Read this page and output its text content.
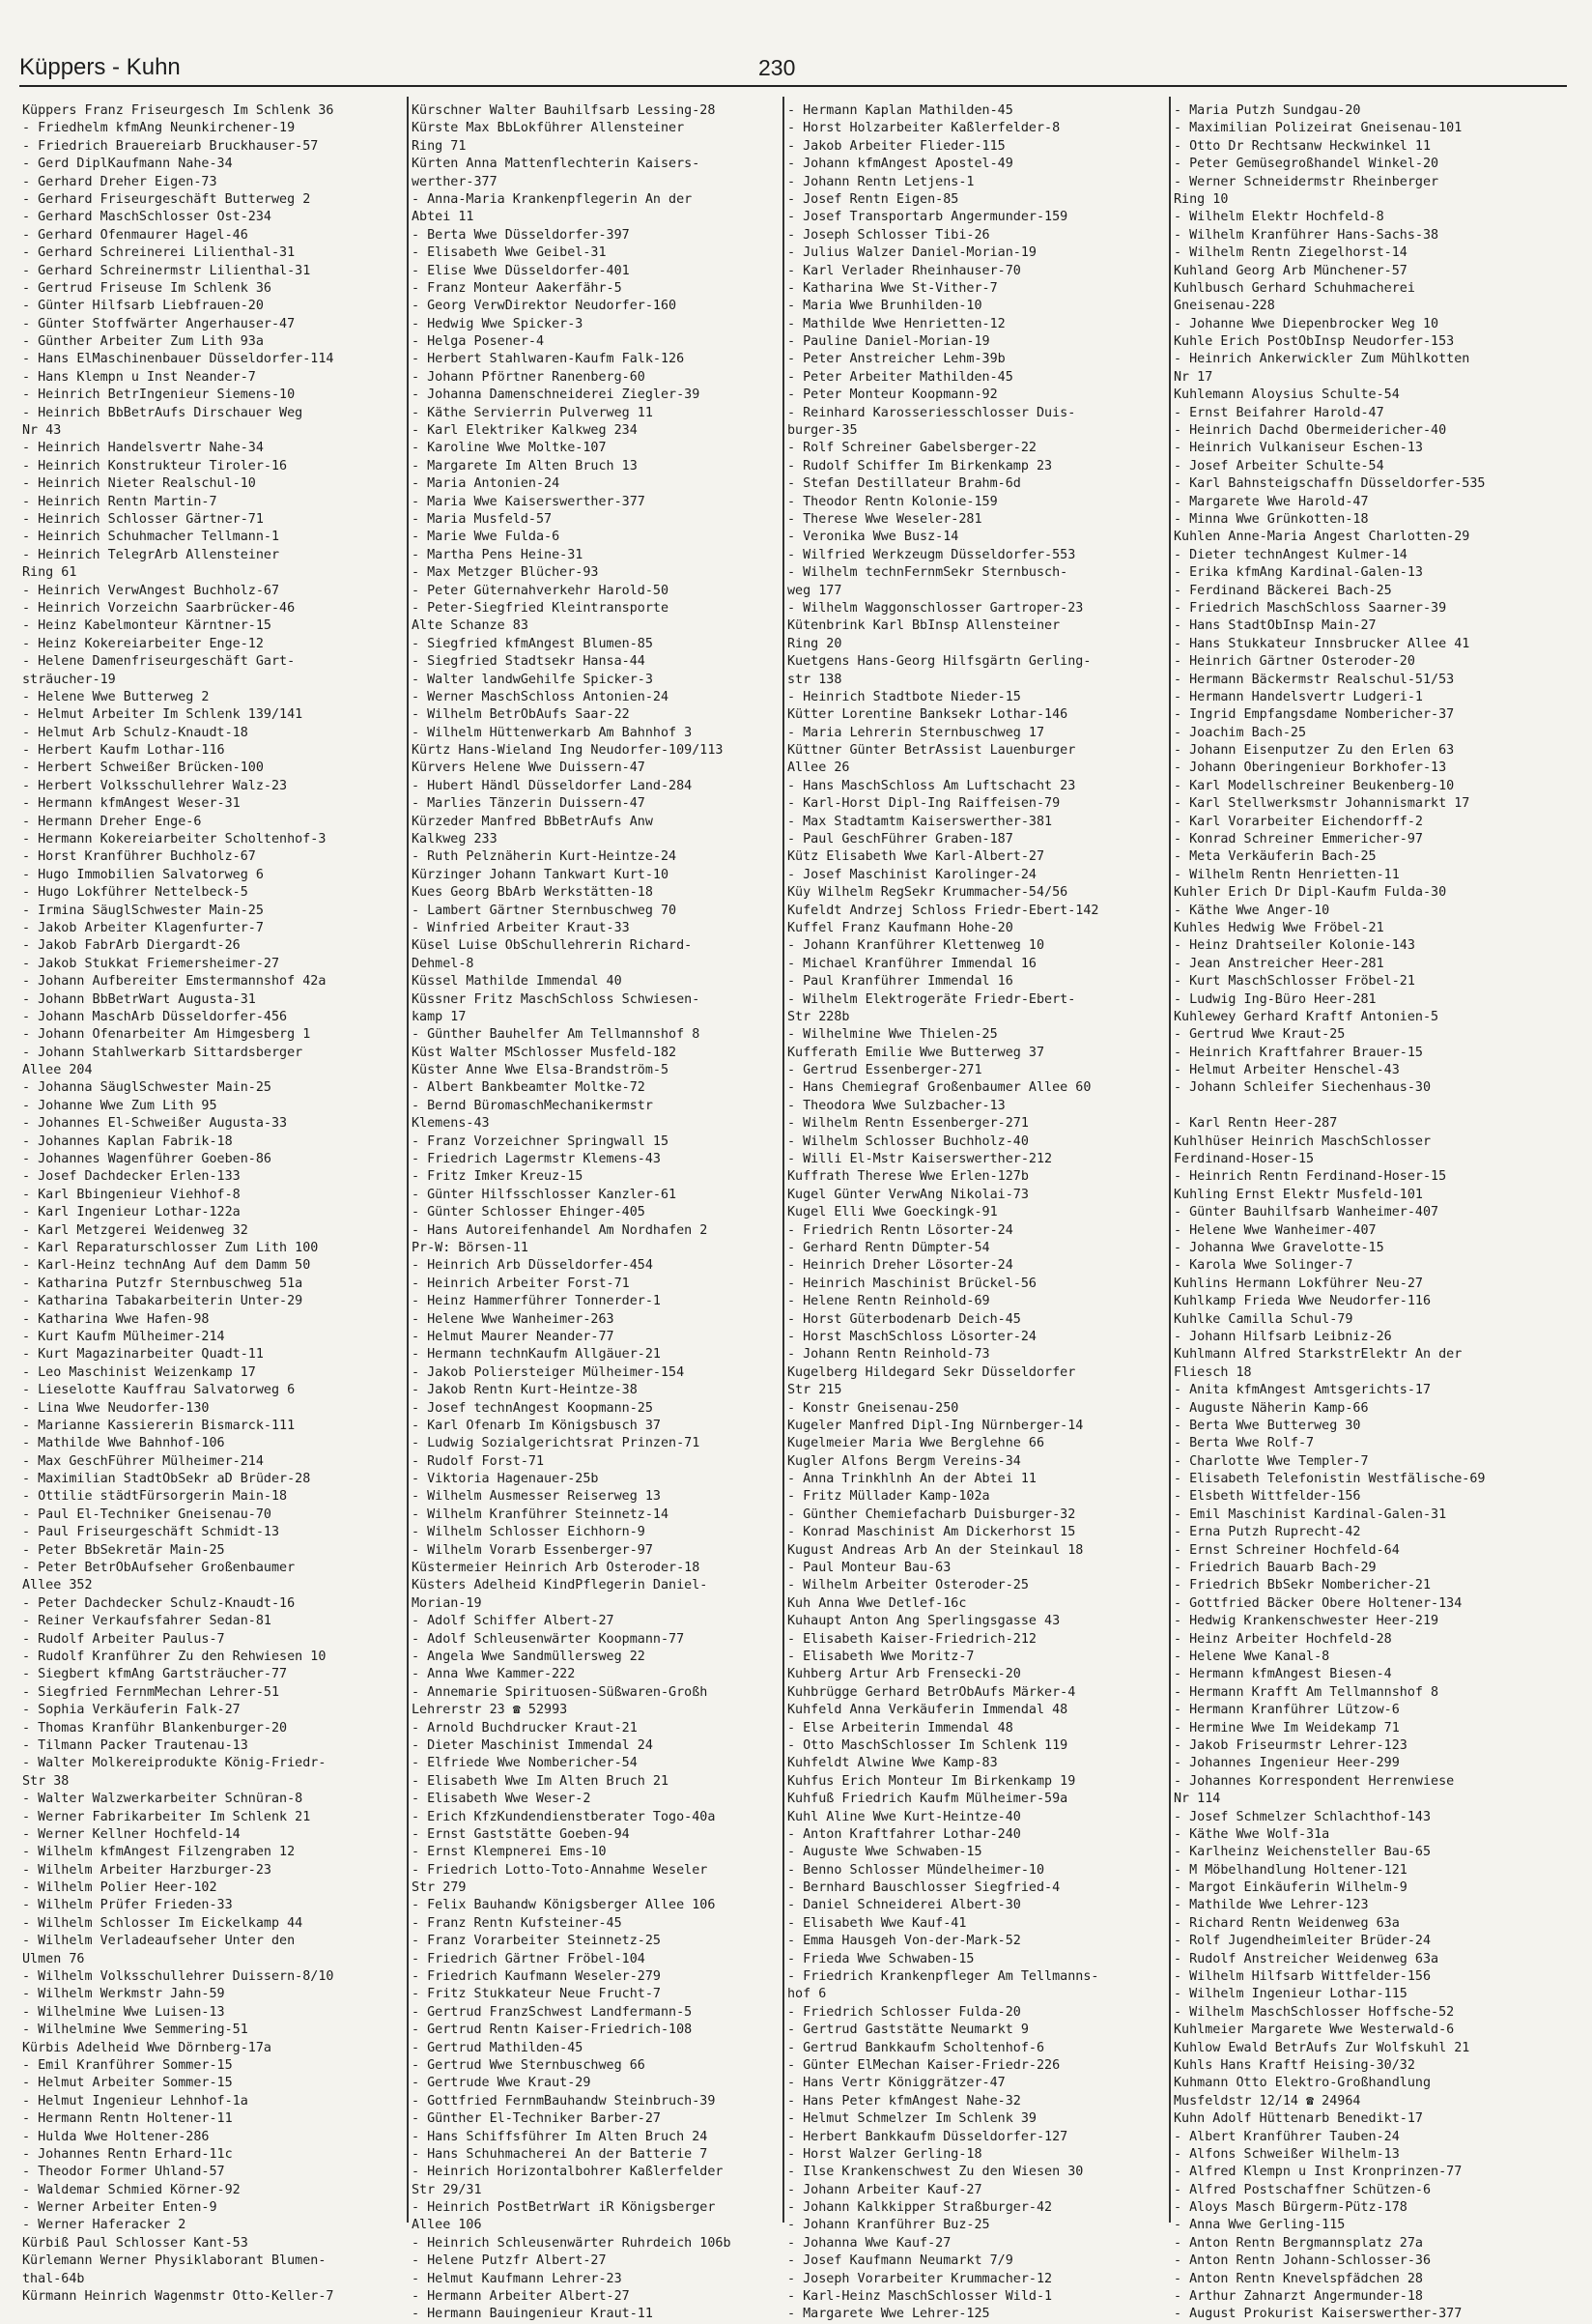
Küppers - Kuhn	230
Küppers Franz Friseurgesch Im Schlenk 36
- Friedhelm kfmAng Neunkirchener-19
- Friedrich Brauereiarb Bruckhauser-57
- Gerd DiplKaufmann Nahe-34
- Gerhard Dreher Eigen-73
- Gerhard Friseurgeschäft Butterweg 2
- Gerhard MaschSchlosser Ost-234
- Gerhard Ofenmaurer Hagel-46
- Gerhard Schreinerei Lilienthal-31
- Gerhard Schreinermstr Lilienthal-31
- Gertrud Friseuse Im Schlenk 36
- Günter Hilfsarb Liebfrauen-20
- Günter Stoffwärter Angerhauser-47
- Günther Arbeiter Zum Lith 93a
- Hans ElMaschinenbauer Düsseldorfer-114
- Hans Klempn u Inst Neander-7
- Heinrich BetrIngenieur Siemens-10
- Heinrich BbBetrAufs Dirschauer Weg
Nr 43
- Heinrich Handelsvertr Nahe-34
- Heinrich Konstrukteur Tiroler-16
- Heinrich Nieter Realschul-10
- Heinrich Rentn Martin-7
- Heinrich Schlosser Gärtner-71
- Heinrich Schuhmacher Tellmann-1
- Heinrich TelegrArb Allensteiner
Ring 61
- Heinrich VerwAngest Buchholz-67
- Heinrich Vorzeichn Saarbrücker-46
- Heinz Kabelmonteur Kärntner-15
- Heinz Kokereiarbeiter Enge-12
- Helene Damenfriseurgeschäft Gart-
sträucher-19
- Helene Wwe Butterweg 2
- Helmut Arbeiter Im Schlenk 139/141
- Helmut Arb Schulz-Knaudt-18
- Herbert Kaufm Lothar-116
- Herbert Schweißer Brücken-100
- Herbert Volksschullehrer Walz-23
- Hermann kfmAngest Weser-31
- Hermann Dreher Enge-6
- Hermann Kokereiarbeiter Scholtenhof-3
- Horst Kranführer Buchholz-67
- Hugo Immobilien Salvatorweg 6
- Hugo Lokführer Nettelbeck-5
- Irmina SäuglSchwester Main-25
- Jakob Arbeiter Klagenfurter-7
- Jakob FabrArb Diergardt-26
- Jakob Stukkat Friemersheimer-27
- Johann Aufbereiter Emstermannshof 42a
- Johann BbBetrWart Augusta-31
- Johann MaschArb Düsseldorfer-456
- Johann Ofenarbeiter Am Himgesberg 1
- Johann Stahlwerkarb Sittardsberger
Allee 204
- Johanna SäuglSchwester Main-25
- Johanne Wwe Zum Lith 95
- Johannes El-Schweißer Augusta-33
- Johannes Kaplan Fabrik-18
- Johannes Wagenführer Goeben-86
- Josef Dachdecker Erlen-133
- Karl Bbingenieur Viehhof-8
- Karl Ingenieur Lothar-122a
- Karl Metzgerei Weidenweg 32
- Karl Reparaturschlosser Zum Lith 100
- Karl-Heinz technAng Auf dem Damm 50
- Katharina Putzfr Sternbuschweg 51a
- Katharina Tabakarbeiterin Unter-29
- Katharina Wwe Hafen-98
- Kurt Kaufm Mülheimer-214
- Kurt Magazinarbeiter Quadt-11
- Leo Maschinist Weizenkamp 17
- Lieselotte Kauffrau Salvatorweg 6
- Lina Wwe Neudorfer-130
- Marianne Kassiererin Bismarck-111
- Mathilde Wwe Bahnhof-106
- Max GeschFührer Mülheimer-214
- Maximilian StadtObSekr aD Brüder-28
- Ottilie städtFürsorgerin Main-18
- Paul El-Techniker Gneisenau-70
- Paul Friseurgeschäft Schmidt-13
- Peter BbSekretär Main-25
- Peter BetrObAufseher Großenbaumer
Allee 352
- Peter Dachdecker Schulz-Knaudt-16
- Reiner Verkaufsfahrer Sedan-81
- Rudolf Arbeiter Paulus-7
- Rudolf Kranführer Zu den Rehwiesen 10
- Siegbert kfmAng Gartsträucher-77
- Siegfried FernmMechan Lehrer-51
- Sophia Verkäuferin Falk-27
- Thomas Kranführ Blankenburger-20
- Tilmann Packer Trautenau-13
- Walter Molkereiprodukte König-Friedr-
Str 38
- Walter Walzwerkarbeiter Schnüran-8
- Werner Fabrikarbeiter Im Schlenk 21
- Werner Kellner Hochfeld-14
- Wilhelm kfmAngest Filzengraben 12
- Wilhelm Arbeiter Harzburger-23
- Wilhelm Polier Heer-102
- Wilhelm Prüfer Frieden-33
- Wilhelm Schlosser Im Eickelkamp 44
- Wilhelm Verladeaufseher Unter den
Ulmen 76
- Wilhelm Volksschullehrer Duissern-8/10
- Wilhelm Werkmstr Jahn-59
- Wilhelmine Wwe Luisen-13
- Wilhelmine Wwe Semmering-51
Kürbis Adelheid Wwe Dörnberg-17a
- Emil Kranführer Sommer-15
- Helmut Arbeiter Sommer-15
- Helmut Ingenieur Lehnhof-1a
- Hermann Rentn Holtener-11
- Hulda Wwe Holtener-286
- Johannes Rentn Erhard-11c
- Theodor Former Uhland-57
- Waldemar Schmied Körner-92
- Werner Arbeiter Enten-9
- Werner Haferacker 2
Kürbiß Paul Schlosser Kant-53
Kürlemann Werner Physiklaborant Blumen-
thal-64b
Kürmann Heinrich Wagenmstr Otto-Keller-7
Kürschner Walter Bauhilfsarb Lessing-28
Kürste Max BbLokführer Allensteiner
Ring 71
Kürten Anna Mattenflechterin Kaisers-
werther-377
- Anna-Maria Krankenpflegerin An der
Abtei 11
- Berta Wwe Düsseldorfer-397
- Elisabeth Wwe Geibel-31
- Elise Wwe Düsseldorfer-401
- Franz Monteur Aakerfähr-5
- Georg VerwDirektor Neudorfer-160
- Hedwig Wwe Spicker-3
- Helga Posener-4
- Herbert Stahlwaren-Kaufm Falk-126
- Johann Pförtner Ranenberg-60
- Johanna Damenschneiderei Ziegler-39
- Käthe Servierrin Pulverweg 11
- Karl Elektriker Kalkweg 234
- Karoline Wwe Moltke-107
- Margarete Im Alten Bruch 13
- Maria Antonien-24
- Maria Wwe Kaiserswerther-377
- Maria Musfeld-57
- Marie Wwe Fulda-6
- Martha Pens Heine-31
- Max Metzger Blücher-93
- Peter Güternahverkehr Harold-50
- Peter-Siegfried Kleintransporte
Alte Schanze 83
- Siegfried kfmAngest Blumen-85
- Siegfried Stadtsekr Hansa-44
- Walter landwGehilfe Spicker-3
- Werner MaschSchloss Antonien-24
- Wilhelm BetrObAufs Saar-22
- Wilhelm Hüttenwerkarb Am Bahnhof 3
Kürtz Hans-Wieland Ing Neudorfer-109/113
Kürvers Helene Wwe Duissern-47
- Hubert Händl Düsseldorfer Land-284
- Marlies Tänzerin Duissern-47
Kürzeder Manfred BbBetrAufs Anw
Kalkweg 233
- Ruth Pelznäherin Kurt-Heintze-24
Kürzinger Johann Tankwart Kurt-10
Kues Georg BbArb Werkstätten-18
- Lambert Gärtner Sternbuschweg 70
- Winfried Arbeiter Kraut-33
Küsel Luise ObSchullehrerin Richard-
Dehmel-8
Küssel Mathilde Immendal 40
Küssner Fritz MaschSchloss Schwiesen-
kamp 17
- Günther Bauhelfer Am Tellmannshof 8
Küst Walter MSchlosser Musfeld-182
Küster Anne Wwe Elsa-Brandström-5
- Albert Bankbeamter Moltke-72
- Bernd BüromaschMechanikermstr
Klemens-43
- Franz Vorzeichner Springwall 15
- Friedrich Lagermstr Klemens-43
- Fritz Imker Kreuz-15
- Günter Hilfsschlosser Kanzler-61
- Günter Schlosser Ehinger-405
- Hans Autoreifenhandel Am Nordhafen 2
Pr-W: Börsen-11
- Heinrich Arb Düsseldorfer-454
- Heinrich Arbeiter Forst-71
- Heinz Hammerführer Tonnerder-1
- Helene Wwe Wanheimer-263
- Helmut Maurer Neander-77
- Hermann technKaufm Allgäuer-21
- Jakob Poliersteiger Mülheimer-154
- Jakob Rentn Kurt-Heintze-38
- Josef technAngest Koopmann-25
- Karl Ofenarb Im Königsbusch 37
- Ludwig Sozialgerichtsrat Prinzen-71
- Rudolf Forst-71
- Viktoria Hagenauer-25b
- Wilhelm Ausmesser Reiserweg 13
- Wilhelm Kranführer Steinnetz-14
- Wilhelm Schlosser Eichhorn-9
- Wilhelm Vorarb Essenberger-97
Küstermeier Heinrich Arb Osteroder-18
Küsters Adelheid KindPflegerin Daniel-
Morian-19
- Adolf Schiffer Albert-27
- Adolf Schleusenwärter Koopmann-77
- Angela Wwe Sandmüllersweg 22
- Anna Wwe Kammer-222
- Annemarie Spirituosen-Süßwaren-Großh
Lehrerstr 23 ☎ 52993
- Arnold Buchdrucker Kraut-21
- Dieter Maschinist Immendal 24
- Elfriede Wwe Nombericher-54
- Elisabeth Wwe Im Alten Bruch 21
- Elisabeth Wwe Weser-2
- Erich KfzKundendienstberater Togo-40a
- Ernst Gaststätte Goeben-94
- Ernst Klempnerei Ems-10
- Friedrich Lotto-Toto-Annahme Weseler
Str 279
- Felix Bauhandw Königsberger Allee 106
- Franz Rentn Kufsteiner-45
- Franz Vorarbeiter Steinnetz-25
- Friedrich Gärtner Fröbel-104
- Friedrich Kaufmann Weseler-279
- Fritz Stukkateur Neue Frucht-7
- Gertrud FranzSchwest Landfermann-5
- Gertrud Rentn Kaiser-Friedrich-108
- Gertrud Mathilden-45
- Gertrud Wwe Sternbuschweg 66
- Gertrude Wwe Kraut-29
- Gottfried FernmBauhandw Steinbruch-39
- Günther El-Techniker Barber-27
- Hans Schiffsführer Im Alten Bruch 24
- Hans Schuhmacherei An der Batterie 7
- Heinrich Horizontalbohrer Kaßlerfelder
Str 29/31
- Heinrich PostBetrWart iR Königsberger
Allee 106
- Heinrich Schleusenwärter Ruhrdeich 106b
- Helene Putzfr Albert-27
- Helmut Kaufmann Lehrer-23
- Hermann Arbeiter Albert-27
- Hermann Bauingenieur Kraut-11
- Hermann Kaplan Mathilden-45
- Horst Holzarbeiter Kaßlerfelder-8
- Jakob Arbeiter Flieder-115
- Johann kfmAngest Apostel-49
- Johann Rentn Letjens-1
- Josef Rentn Eigen-85
- Josef Transportarb Angermunder-159
- Joseph Schlosser Tibi-26
- Julius Walzer Daniel-Morian-19
- Karl Verlader Rheinhauser-70
- Katharina Wwe St-Vither-7
- Maria Wwe Brunhilden-10
- Mathilde Wwe Henrietten-12
- Pauline Daniel-Morian-19
- Peter Anstreicher Lehm-39b
- Peter Arbeiter Mathilden-45
- Peter Monteur Koopmann-92
- Reinhard Karosseriesschlosser Duis-
burger-35
- Rolf Schreiner Gabelsberger-22
- Rudolf Schiffer Im Birkenkamp 23
- Stefan Destillateur Brahm-6d
- Theodor Rentn Kolonie-159
- Therese Wwe Weseler-281
- Veronika Wwe Busz-14
- Wilfried Werkzeugm Düsseldorfer-553
- Wilhelm technFernmSekr Sternbusch-
weg 177
- Wilhelm Waggonschlosser Gartroper-23
Kütenbrink Karl BbInsp Allensteiner
Ring 20
Kuetgens Hans-Georg Hilfsgärtn Gerling-
str 138
- Heinrich Stadtbote Nieder-15
Kütter Lorentine Banksekr Lothar-146
- Maria Lehrerin Sternbuschweg 17
Küttner Günter BetrAssist Lauenburger
Allee 26
- Hans MaschSchloss Am Luftschacht 23
- Karl-Horst Dipl-Ing Raiffeisen-79
- Max Stadtamtm Kaiserswerther-381
- Paul GeschFührer Graben-187
Kütz Elisabeth Wwe Karl-Albert-27
- Josef Maschinist Karolinger-24
Küy Wilhelm RegSekr Krummacher-54/56
Kufeldt Andrzej Schloss Friedr-Ebert-142
Kuffel Franz Kaufmann Hohe-20
- Johann Kranführer Klettenweg 10
- Michael Kranführer Immendal 16
- Paul Kranführer Immendal 16
- Wilhelm Elektrogeräte Friedr-Ebert-
Str 228b
- Wilhelmine Wwe Thielen-25
Kufferath Emilie Wwe Butterweg 37
- Gertrud Essenberger-271
- Hans Chemiegraf Großenbaumer Allee 60
- Theodora Wwe Sulzbacher-13
- Wilhelm Rentn Essenberger-271
- Wilhelm Schlosser Buchholz-40
- Willi El-Mstr Kaiserswerther-212
Kuffrath Therese Wwe Erlen-127b
Kugel Günter VerwAng Nikolai-73
Kugel Elli Wwe Goeckingk-91
- Friedrich Rentn Lösorter-24
- Gerhard Rentn Dümpter-54
- Heinrich Dreher Lösorter-24
- Heinrich Maschinist Brückel-56
- Helene Rentn Reinhold-69
- Horst Güterbodenarb Deich-45
- Horst MaschSchloss Lösorter-24
- Johann Rentn Reinhold-73
Kugelberg Hildegard Sekr Düsseldorfer
Str 215
- Konstr Gneisenau-250
Kugeler Manfred Dipl-Ing Nürnberger-14
Kugelmeier Maria Wwe Berglehne 66
Kugler Alfons Bergm Vereins-34
- Anna Trinkhlnh An der Abtei 11
- Fritz Müllader Kamp-102a
- Günther Chemiefacharb Duisburger-32
- Konrad Maschinist Am Dickerhorst 15
Kugust Andreas Arb An der Steinkaul 18
- Paul Monteur Bau-63
- Wilhelm Arbeiter Osteroder-25
Kuh Anna Wwe Detlef-16c
Kuhaupt Anton Ang Sperlingsgasse 43
- Elisabeth Kaiser-Friedrich-212
- Elisabeth Wwe Moritz-7
Kuhberg Artur Arb Frensecki-20
Kuhbrügge Gerhard BetrObAufs Märker-4
Kuhfeld Anna Verkäuferin Immendal 48
- Else Arbeiterin Immendal 48
- Otto MaschSchlosser Im Schlenk 119
Kuhfeldt Alwine Wwe Kamp-83
Kuhfus Erich Monteur Im Birkenkamp 19
Kuhfuß Friedrich Kaufm Mülheimer-59a
Kuhl Aline Wwe Kurt-Heintze-40
- Anton Kraftfahrer Lothar-240
- Auguste Wwe Schwaben-15
- Benno Schlosser Mündelheimer-10
- Bernhard Bauschlosser Siegfried-4
- Daniel Schneiderei Albert-30
- Elisabeth Wwe Kauf-41
- Emma Hausgeh Von-der-Mark-52
- Frieda Wwe Schwaben-15
- Friedrich Krankenpfleger Am Tellmanns-
hof 6
- Friedrich Schlosser Fulda-20
- Gertrud Gaststätte Neumarkt 9
- Gertrud Bankkaufm Scholtenhof-6
- Günter ElMechan Kaiser-Friedr-226
- Hans Vertr Königgrätzer-47
- Hans Peter kfmAngest Nahe-32
- Helmut Schmelzer Im Schlenk 39
- Herbert Bankkaufm Düsseldorfer-127
- Horst Walzer Gerling-18
- Ilse Krankenschwest Zu den Wiesen 30
- Johann Arbeiter Kauf-27
- Johann Kalkkipper Straßburger-42
- Johann Kranführer Buz-25
- Johanna Wwe Kauf-27
- Josef Kaufmann Neumarkt 7/9
- Joseph Vorarbeiter Krummacher-12
- Karl-Heinz MaschSchlosser Wild-1
- Margarete Wwe Lehrer-125
- Maria Putzh Sundgau-20
- Maximilian Polizeirat Gneisenau-101
- Otto Dr Rechtsanw Heckwinkel 11
- Peter Gemüsegroßhandel Winkel-20
- Werner Schneidermstr Rheinberger
Ring 10
- Wilhelm Elektr Hochfeld-8
- Wilhelm Kranführer Hans-Sachs-38
- Wilhelm Rentn Ziegelhorst-14
Kuhland Georg Arb Münchener-57
Kuhlbusch Gerhard Schuhmacherei
Gneisenau-228
- Johanne Wwe Diepenbrocker Weg 10
Kuhle Erich PostObInsp Neudorfer-153
- Heinrich Ankerwickler Zum Mühlkotten
Nr 17
Kuhlemann Aloysius Schulte-54
- Ernst Beifahrer Harold-47
- Heinrich Dachd Obermeidericher-40
- Heinrich Vulkaniseur Eschen-13
- Josef Arbeiter Schulte-54
- Karl Bahnsteigschaffn Düsseldorfer-535
- Margarete Wwe Harold-47
- Minna Wwe Grünkotten-18
Kuhlen Anne-Maria Angest Charlotten-29
- Dieter technAngest Kulmer-14
- Erika kfmAng Kardinal-Galen-13
- Ferdinand Bäckerei Bach-25
- Friedrich MaschSchloss Saarner-39
- Hans StadtObInsp Main-27
- Hans Stukkateur Innsbrucker Allee 41
- Heinrich Gärtner Osteroder-20
- Hermann Bäckermstr Realschul-51/53
- Hermann Handelsvertr Ludgeri-1
- Ingrid Empfangsdame Nombericher-37
- Joachim Bach-25
- Johann Eisenputzer Zu den Erlen 63
- Johann Oberingenieur Borkhofer-13
- Karl Modellschreiner Beukenberg-10
- Karl Stellwerksmstr Johannismarkt 17
- Karl Vorarbeiter Eichendorff-2
- Konrad Schreiner Emmericher-97
- Meta Verkäuferin Bach-25
- Wilhelm Rentn Henrietten-11
Kuhler Erich Dr Dipl-Kaufm Fulda-30
- Käthe Wwe Anger-10
Kuhles Hedwig Wwe Fröbel-21
- Heinz Drahtseiler Kolonie-143
- Jean Anstreicher Heer-281
- Kurt MaschSchlosser Fröbel-21
- Ludwig Ing-Büro Heer-281
Kuhlewey Gerhard Kraftf Antonien-5
- Gertrud Wwe Kraut-25
- Heinrich Kraftfahrer Brauer-15
- Helmut Arbeiter Henschel-43
- Johann Schleifer Siechenhaus-30
- Karl Rentn Heer-287
Kuhlhüser Heinrich MaschSchlosser
Ferdinand-Hoser-15
- Heinrich Rentn Ferdinand-Hoser-15
Kuhling Ernst Elektr Musfeld-101
- Günter Bauhilfsarb Wanheimer-407
- Helene Wwe Wanheimer-407
- Johanna Wwe Gravelotte-15
- Karola Wwe Solinger-7
Kuhlins Hermann Lokführer Neu-27
Kuhlkamp Frieda Wwe Neudorfer-116
Kuhlke Camilla Schul-79
- Johann Hilfsarb Leibniz-26
Kuhlmann Alfred StarkstrElektr An der
Fliesch 18
- Anita kfmAngest Amtsgerichts-17
- Auguste Näherin Kamp-66
- Berta Wwe Butterweg 30
- Berta Wwe Rolf-7
- Charlotte Wwe Templer-7
- Elisabeth Telefonistin Westfälische-69
- Elsbeth Wittfelder-156
- Emil Maschinist Kardinal-Galen-31
- Erna Putzh Ruprecht-42
- Ernst Schreiner Hochfeld-64
- Friedrich Bauarb Bach-29
- Friedrich BbSekr Nombericher-21
- Gottfried Bäcker Obere Holtener-134
- Hedwig Krankenschwester Heer-219
- Heinz Arbeiter Hochfeld-28
- Helene Wwe Kanal-8
- Hermann kfmAngest Biesen-4
- Hermann Krafft Am Tellmannshof 8
- Hermann Kranführer Lützow-6
- Hermine Wwe Im Weidekamp 71
- Jakob Friseurmstr Lehrer-123
- Johannes Ingenieur Heer-299
- Johannes Korrespondent Herrenwiese
Nr 114
- Josef Schmelzer Schlachthof-143
- Käthe Wwe Wolf-31a
- Karlheinz Weichensteller Bau-65
- M Möbelhandlung Holtener-121
- Margot Einkäuferin Wilhelm-9
- Mathilde Wwe Lehrer-123
- Richard Rentn Weidenweg 63a
- Rolf Jugendheimleiter Brüder-24
- Rudolf Anstreicher Weidenweg 63a
- Wilhelm Hilfsarb Wittfelder-156
- Wilhelm Ingenieur Lothar-115
- Wilhelm MaschSchlosser Hoffsche-52
Kuhlmeier Margarete Wwe Westerwald-6
Kuhlow Ewald BetrAufs Zur Wolfskuhl 21
Kuhls Hans Kraftf Heising-30/32
Kuhmann Otto Elektro-Großhandlung
Musfeldstr 12/14 ☎ 24964
Kuhn Adolf Hüttenarb Benedikt-17
- Albert Kranführer Tauben-24
- Alfons Schweißer Wilhelm-13
- Alfred Klempn u Inst Kronprinzen-77
- Alfred Postschaffner Schützen-6
- Aloys Masch Bürgerm-Pütz-178
- Anna Wwe Gerling-115
- Anton Rentn Bergmannsplatz 27a
- Anton Rentn Johann-Schlosser-36
- Anton Rentn Knevelspfädchen 28
- Arthur Zahnarzt Angermunder-18
- August Prokurist Kaiserswerther-377
